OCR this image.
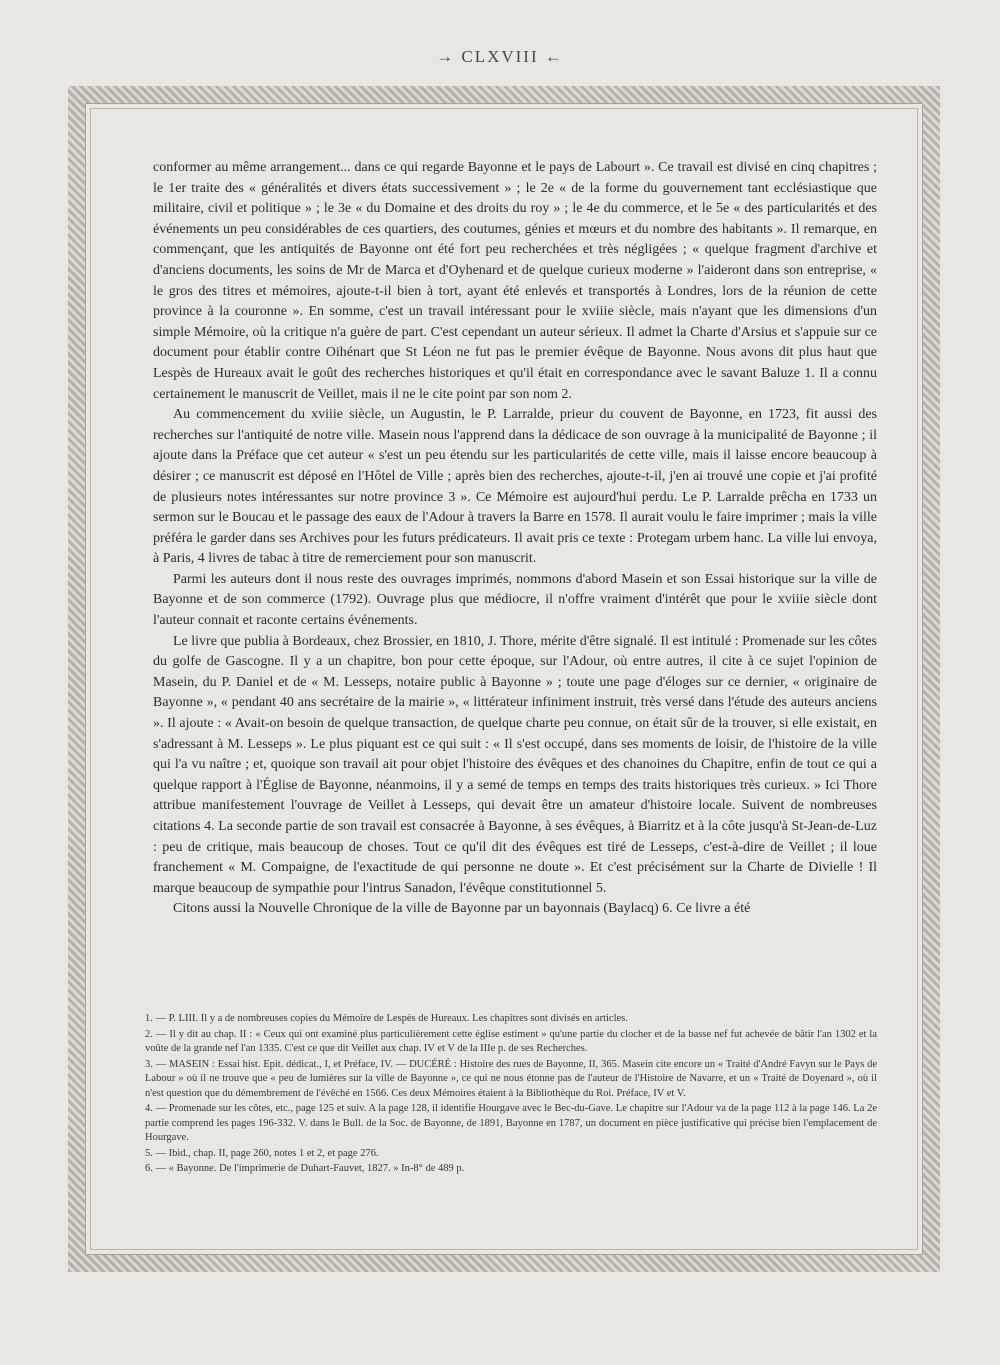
→ CLXVIII ←

conformer au même arrangement... dans ce qui regarde Bayonne et le pays de Labourt ». Ce travail est divisé en cinq chapitres ; le 1er traite des « généralités et divers états successivement » ; le 2e « de la forme du gouvernement tant ecclésiastique que militaire, civil et politique » ; le 3e « du Domaine et des droits du roy » ; le 4e du commerce, et le 5e « des particularités et des événements un peu considérables de ces quartiers, des coutumes, génies et mœurs et du nombre des habitants ». Il remarque, en commençant, que les antiquités de Bayonne ont été fort peu recherchées et très négligées ; « quelque fragment d'archive et d'anciens documents, les soins de Mr de Marca et d'Oyhenard et de quelque curieux moderne » l'aideront dans son entreprise, « le gros des titres et mémoires, ajoute-t-il bien à tort, ayant été enlevés et transportés à Londres, lors de la réunion de cette province à la couronne ». En somme, c'est un travail intéressant pour le xviiie siècle, mais n'ayant que les dimensions d'un simple Mémoire, où la critique n'a guère de part. C'est cependant un auteur sérieux. Il admet la Charte d'Arsius et s'appuie sur ce document pour établir contre Oihénart que St Léon ne fut pas le premier évêque de Bayonne. Nous avons dit plus haut que Lespès de Hureaux avait le goût des recherches historiques et qu'il était en correspondance avec le savant Baluze 1. Il a connu certainement le manuscrit de Veillet, mais il ne le cite point par son nom 2.

Au commencement du xviiie siècle, un Augustin, le P. Larralde, prieur du couvent de Bayonne, en 1723, fit aussi des recherches sur l'antiquité de notre ville. Masein nous l'apprend dans la dédicace de son ouvrage à la municipalité de Bayonne ; il ajoute dans la Préface que cet auteur « s'est un peu étendu sur les particularités de cette ville, mais il laisse encore beaucoup à désirer ; ce manuscrit est déposé en l'Hôtel de Ville ; après bien des recherches, ajoute-t-il, j'en ai trouvé une copie et j'ai profité de plusieurs notes intéressantes sur notre province 3 ». Ce Mémoire est aujourd'hui perdu. Le P. Larralde prêcha en 1733 un sermon sur le Boucau et le passage des eaux de l'Adour à travers la Barre en 1578. Il aurait voulu le faire imprimer ; mais la ville préféra le garder dans ses Archives pour les futurs prédicateurs. Il avait pris ce texte : Protegam urbem hanc. La ville lui envoya, à Paris, 4 livres de tabac à titre de remerciement pour son manuscrit.

Parmi les auteurs dont il nous reste des ouvrages imprimés, nommons d'abord Masein et son Essai historique sur la ville de Bayonne et de son commerce (1792). Ouvrage plus que médiocre, il n'offre vraiment d'intérêt que pour le xviiie siècle dont l'auteur connait et raconte certains événements.

Le livre que publia à Bordeaux, chez Brossier, en 1810, J. Thore, mérite d'être signalé. Il est intitulé : Promenade sur les côtes du golfe de Gascogne. Il y a un chapitre, bon pour cette époque, sur l'Adour, où entre autres, il cite à ce sujet l'opinion de Masein, du P. Daniel et de « M. Lesseps, notaire public à Bayonne » ; toute une page d'éloges sur ce dernier, « originaire de Bayonne », « pendant 40 ans secrétaire de la mairie », « littérateur infiniment instruit, très versé dans l'étude des auteurs anciens ». Il ajoute : « Avait-on besoin de quelque transaction, de quelque charte peu connue, on était sûr de la trouver, si elle existait, en s'adressant à M. Lesseps ». Le plus piquant est ce qui suit : « Il s'est occupé, dans ses moments de loisir, de l'histoire de la ville qui l'a vu naître ; et, quoique son travail ait pour objet l'histoire des évêques et des chanoines du Chapitre, enfin de tout ce qui a quelque rapport à l'Église de Bayonne, néanmoins, il y a semé de temps en temps des traits historiques très curieux. » Ici Thore attribue manifestement l'ouvrage de Veillet à Lesseps, qui devait être un amateur d'histoire locale. Suivent de nombreuses citations 4. La seconde partie de son travail est consacrée à Bayonne, à ses évêques, à Biarritz et à la côte jusqu'à St-Jean-de-Luz : peu de critique, mais beaucoup de choses. Tout ce qu'il dit des évêques est tiré de Lesseps, c'est-à-dire de Veillet ; il loue franchement « M. Compaigne, de l'exactitude de qui personne ne doute ». Et c'est précisément sur la Charte de Divielle ! Il marque beaucoup de sympathie pour l'intrus Sanadon, l'évêque constitutionnel 5.

Citons aussi la Nouvelle Chronique de la ville de Bayonne par un bayonnais (Baylacq) 6. Ce livre a été

1. — P. LIII. Il y a de nombreuses copies du Mémoire de Lespès de Hureaux. Les chapitres sont divisés en articles.

2. — Il y dit au chap. II : « Ceux qui ont examiné plus particulièrement cette église estiment » qu'une partie du clocher et de la basse nef fut achevée de bâtir l'an 1302 et la voûte de la grande nef l'an 1335. C'est ce que dit Veillet aux chap. IV et V de la IIIe p. de ses Recherches.

3. — MASEIN : Essai hist. Epit. dédicat., I, et Préface, IV. — DUCÉRÉ : Histoire des rues de Bayonne, II, 365. Masein cite encore un « Traité d'André Favyn sur le Pays de Labour » où il ne trouve que « peu de lumières sur la ville de Bayonne », ce qui ne nous étonne pas de l'auteur de l'Histoire de Navarre, et un « Traité de Doyenard », où il n'est question que du démembrement de l'évêché en 1566. Ces deux Mémoires étaient à la Bibliothèque du Roi. Préface, IV et V.

4. — Promenade sur les côtes, etc., page 125 et suiv. A la page 128, il identifie Hourgave avec le Bec-du-Gave. Le chapitre sur l'Adour va de la page 112 à la page 146. La 2e partie comprend les pages 196-332. V. dans le Bull. de la Soc. de Bayonne, de 1891, Bayonne en 1787, un document en pièce justificative qui précise bien l'emplacement de Hourgave.

5. — Ibid., chap. II, page 260, notes 1 et 2, et page 276.

6. — « Bayonne. De l'imprimerie de Duhart-Fauvet, 1827. » In-8° de 489 p.
